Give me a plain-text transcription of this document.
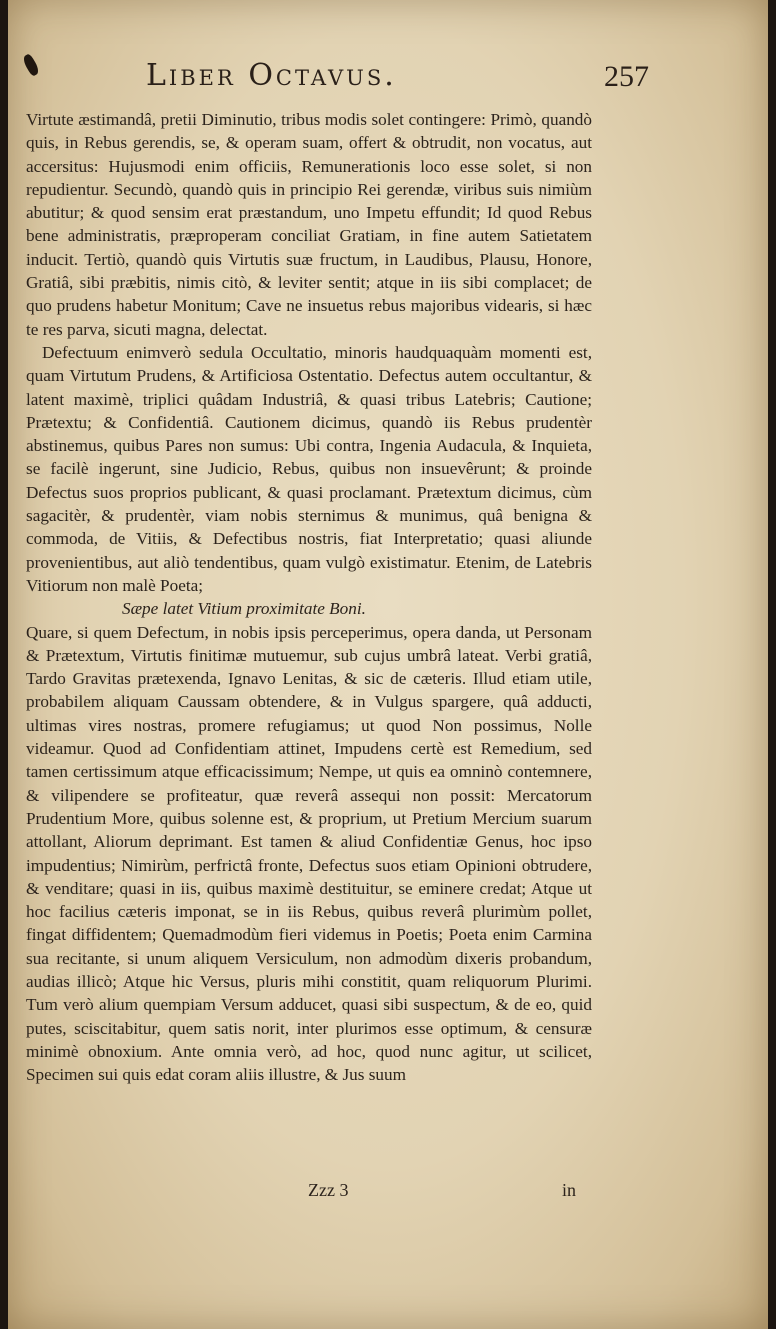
Liber Octavus.	257

Virtute æstimandâ, pretii Diminutio, tribus modis solet contingere: Primò, quandò quis, in Rebus gerendis, se, & operam suam, offert & obtrudit, non vocatus, aut accersitus: Hujusmodi enim officiis, Remunerationis loco esse solet, si non repudientur. Secundò, quandò quis in principio Rei gerendæ, viribus suis nimiùm abutitur; & quod sensim erat præstandum, uno Impetu effundit; Id quod Rebus bene administratis, præproperam conciliat Gratiam, in fine autem Satietatem inducit. Tertiò, quandò quis Virtutis suæ fructum, in Laudibus, Plausu, Honore, Gratiâ, sibi præbitis, nimis citò, & leviter sentit; atque in iis sibi complacet; de quo prudens habetur Monitum; Cave ne insuetus rebus majoribus videaris, si hæc te res parva, sicuti magna, delectat.

Defectuum enimverò sedula Occultatio, minoris haudquaquàm momenti est, quam Virtutum Prudens, & Artificiosa Ostentatio. Defectus autem occultantur, & latent maximè, triplici quâdam Industriâ, & quasi tribus Latebris; Cautione; Prætextu; & Confidentiâ. Cautionem dicimus, quandò iis Rebus prudentèr abstinemus, quibus Pares non sumus: Ubi contra, Ingenia Audacula, & Inquieta, se facilè ingerunt, sine Judicio, Rebus, quibus non insuevêrunt; & proinde Defectus suos proprios publicant, & quasi proclamant. Prætextum dicimus, cùm sagacitèr, & prudentèr, viam nobis sternimus & munimus, quâ benigna & commoda, de Vitiis, & Defectibus nostris, fiat Interpretatio; quasi aliunde provenientibus, aut aliò tendentibus, quam vulgò existimatur. Etenim, de Latebris Vitiorum non malè Poeta;

Sæpe latet Vitium proximitate Boni.

Quare, si quem Defectum, in nobis ipsis perceperimus, opera danda, ut Personam & Prætextum, Virtutis finitimæ mutuemur, sub cujus umbrâ lateat. Verbi gratiâ, Tardo Gravitas prætexenda, Ignavo Lenitas, & sic de cæteris. Illud etiam utile, probabilem aliquam Caussam obtendere, & in Vulgus spargere, quâ adducti, ultimas vires nostras, promere refugiamus; ut quod Non possimus, Nolle videamur. Quod ad Confidentiam attinet, Impudens certè est Remedium, sed tamen certissimum atque efficacissimum; Nempe, ut quis ea omninò contemnere, & vilipendere se profiteatur, quæ reverâ assequi non possit: Mercatorum Prudentium More, quibus solenne est, & proprium, ut Pretium Mercium suarum attollant, Aliorum deprimant. Est tamen & aliud Confidentiæ Genus, hoc ipso impudentius; Nimirùm, perfrictâ fronte, Defectus suos etiam Opinioni obtrudere, & venditare; quasi in iis, quibus maximè destituitur, se eminere credat; Atque ut hoc facilius cæteris imponat, se in iis Rebus, quibus reverâ plurimùm pollet, fingat diffidentem; Quemadmodùm fieri videmus in Poetis; Poeta enim Carmina sua recitante, si unum aliquem Versiculum, non admodùm dixeris probandum, audias illicò; Atque hic Versus, pluris mihi constitit, quam reliquorum Plurimi. Tum verò alium quempiam Versum adducet, quasi sibi suspectum, & de eo, quid putes, sciscitabitur, quem satis norit, inter plurimos esse optimum, & censuræ minimè obnoxium. Ante omnia verò, ad hoc, quod nunc agitur, ut scilicet, Specimen sui quis edat coram aliis illustre, & Jus suum

Zzz 3	in
